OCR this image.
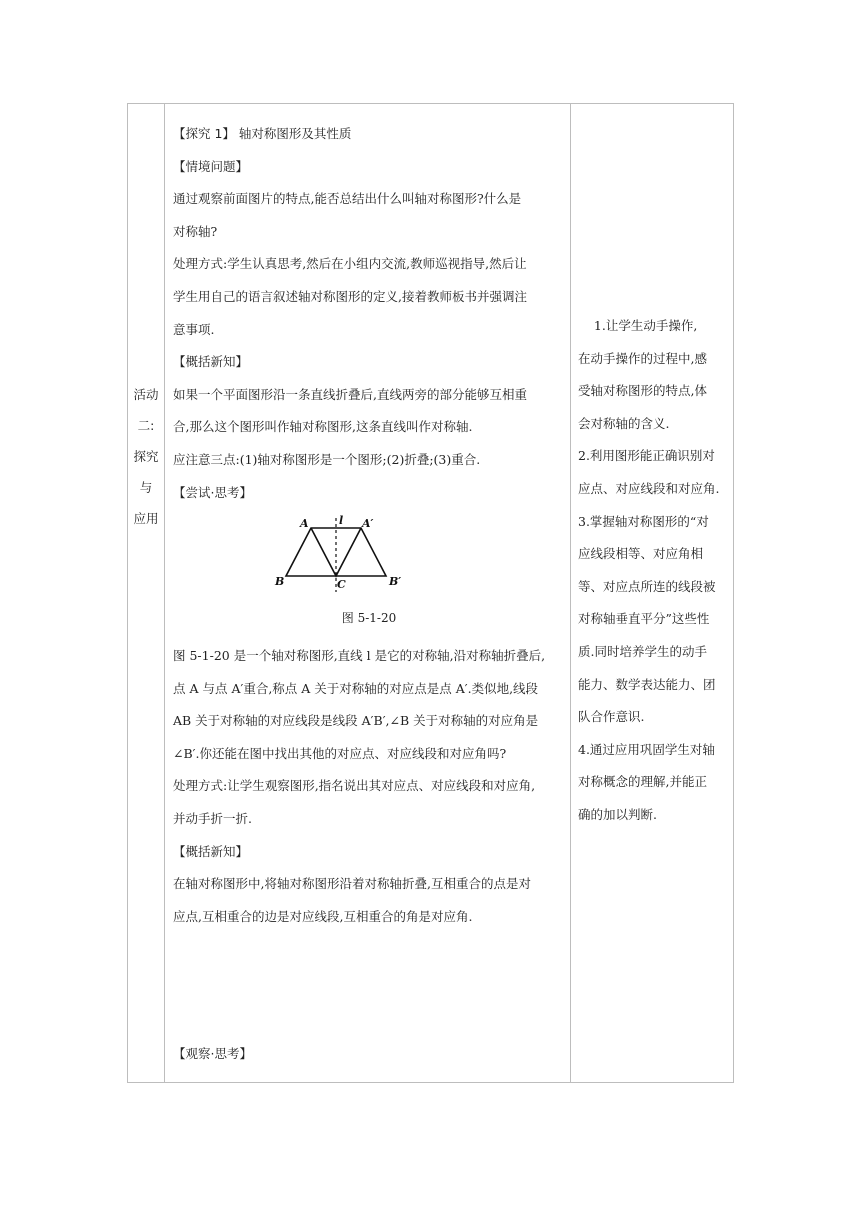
活动
二:
探究
与
应用

【探究 1】 轴对称图形及其性质

【情境问题】

通过观察前面图片的特点,能否总结出什么叫轴对称图形?什么是

对称轴?

处理方式:学生认真思考,然后在小组内交流,教师巡视指导,然后让

学生用自己的语言叙述轴对称图形的定义,接着教师板书并强调注

意事项.

【概括新知】

如果一个平面图形沿一条直线折叠后,直线两旁的部分能够互相重

合,那么这个图形叫作轴对称图形,这条直线叫作对称轴.

应注意三点:(1)轴对称图形是一个图形;(2)折叠;(3)重合.

【尝试·思考】

A	A′
B	B′
C
l
图 5-1-20

图 5-1-20 是一个轴对称图形,直线 l 是它的对称轴,沿对称轴折叠后,

点 A 与点 A′重合,称点 A 关于对称轴的对应点是点 A′.类似地,线段

AB 关于对称轴的对应线段是线段 A′B′,∠B 关于对称轴的对应角是

∠B′.你还能在图中找出其他的对应点、对应线段和对应角吗?

处理方式:让学生观察图形,指名说出其对应点、对应线段和对应角,

并动手折一折.

【概括新知】

在轴对称图形中,将轴对称图形沿着对称轴折叠,互相重合的点是对

应点,互相重合的边是对应线段,互相重合的角是对应角.

【观察·思考】

1.让学生动手操作,

在动手操作的过程中,感

受轴对称图形的特点,体

会对称轴的含义.

2.利用图形能正确识别对

应点、对应线段和对应角.

3.掌握轴对称图形的“对

应线段相等、对应角相

等、对应点所连的线段被

对称轴垂直平分”这些性

质.同时培养学生的动手

能力、数学表达能力、团

队合作意识.

4.通过应用巩固学生对轴

对称概念的理解,并能正

确的加以判断.
